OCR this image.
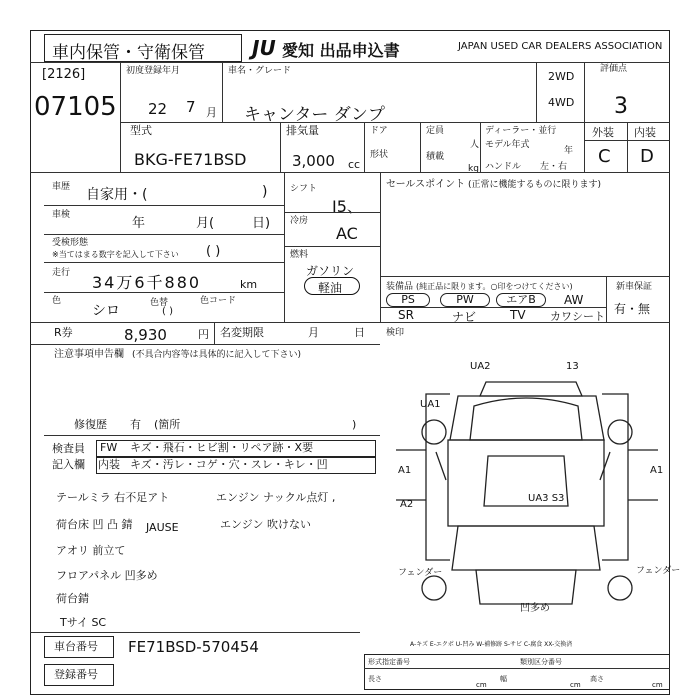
車内保管・守衛保管 JU 愛知 出品申込書	JAPAN USED CAR DEALERS ASSOCIATION
[2126]
07105
初度登録年月
22 7 月
車名・グレード
キャンター ダンプ
2WD
4WD
評価点
3
型式
BKG-FE71BSD
排気量
3,000 cc
ドア
形状
定員
人
積載
kg
ディーラー・並行
モデル年式
年
ハンドル 左・右
外装 内装
C D
車歴 自家用・(	)
車検
年	月(	日)
受検形態
※当てはまる数字を記入して下さい ( )
走行 34万6千880	km
色
シロ	色替
( )
色コード
シフト
I5、
冷房
AC
燃料
ガソリン
軽油
セールスポイント (正常に機能するものに限ります)
装備品 (純正品に限ります。○印をつけてください)	新車保証
有・無
PS	PW	エアB	AW
SR	ナビ	TV カワシート
R券	8,930	円 名変期限	月	日 検印
注意事項申告欄 (不具合内容等は具体的に記入して下さい)
修復歴 有 (箇所	)
検査員
記入欄
FW キズ・飛石・ヒビ割・リペア跡・X要
内装 キズ・汚レ・コゲ・穴・スレ・キレ・凹
テールミラ 右不足アト	エンジン ナックル点灯 ,
荷台床 凹 凸 錆 JAUSE	エンジン 吹けない
アオリ 前立て
フロアパネル 凹多め
荷台錆
Tサイ SC
UA2	13
UA1
A1
A2
A1
UA3 S3
フェンダー	フェンダー
凹多め
A-キズ E-エクボ U-凹み W-補修跡 S-サビ C-腐食 XX-交換済
車台番号 FE71BSD-570454
登録番号
形式指定番号	類別区分番号
長さ
cm
幅
cm
高さ
cm
